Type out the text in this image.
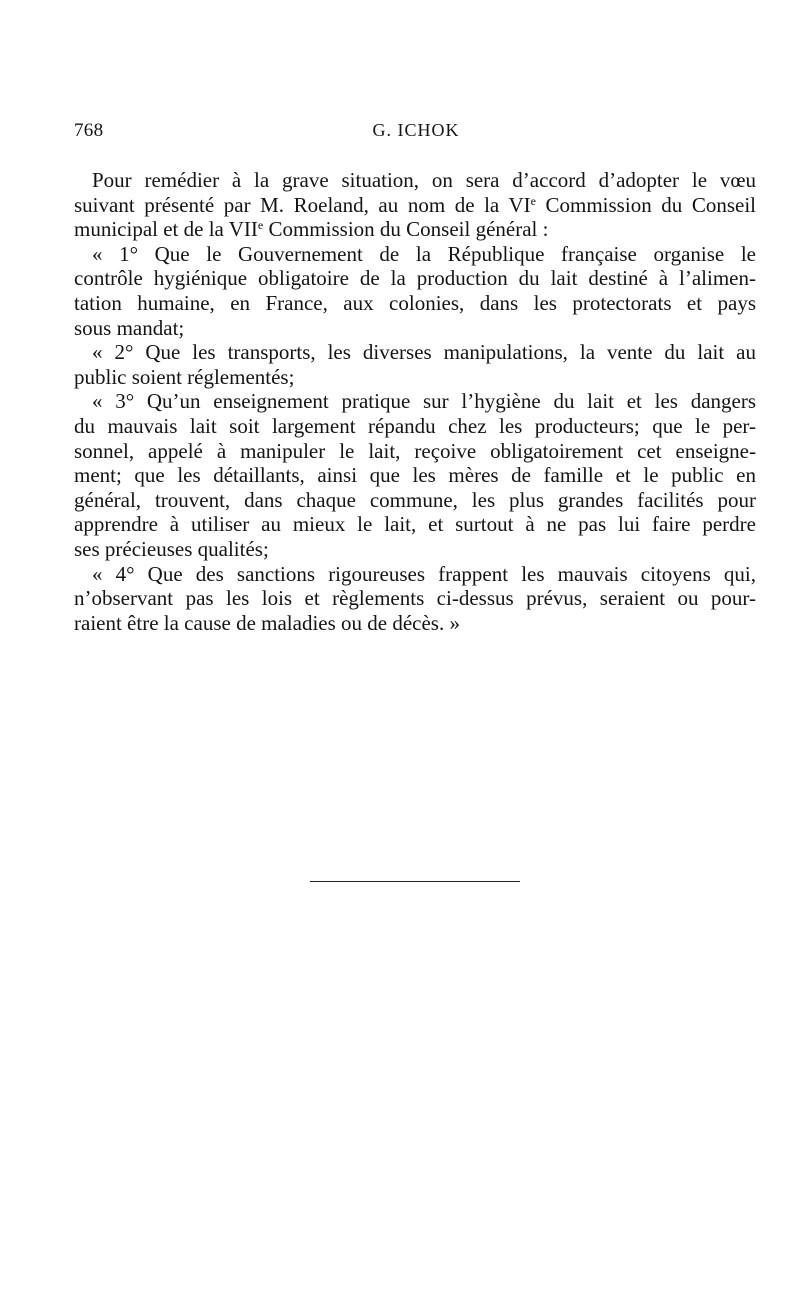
768	G. ICHOK
Pour remédier à la grave situation, on sera d’accord d’adopter le vœu
suivant présenté par M. Roeland, au nom de la VIe Commission du Conseil
municipal et de la VIIe Commission du Conseil général :
« 1° Que le Gouvernement de la République française organise le
contrôle hygiénique obligatoire de la production du lait destiné à l’alimen-
tation humaine, en France, aux colonies, dans les protectorats et pays
sous mandat;
« 2° Que les transports, les diverses manipulations, la vente du lait au
public soient réglementés;
« 3° Qu’un enseignement pratique sur l’hygiène du lait et les dangers
du mauvais lait soit largement répandu chez les producteurs; que le per-
sonnel, appelé à manipuler le lait, reçoive obligatoirement cet enseigne-
ment; que les détaillants, ainsi que les mères de famille et le public en
général, trouvent, dans chaque commune, les plus grandes facilités pour
apprendre à utiliser au mieux le lait, et surtout à ne pas lui faire perdre
ses précieuses qualités;
« 4° Que des sanctions rigoureuses frappent les mauvais citoyens qui,
n’observant pas les lois et règlements ci-dessus prévus, seraient ou pour-
raient être la cause de maladies ou de décès. »
